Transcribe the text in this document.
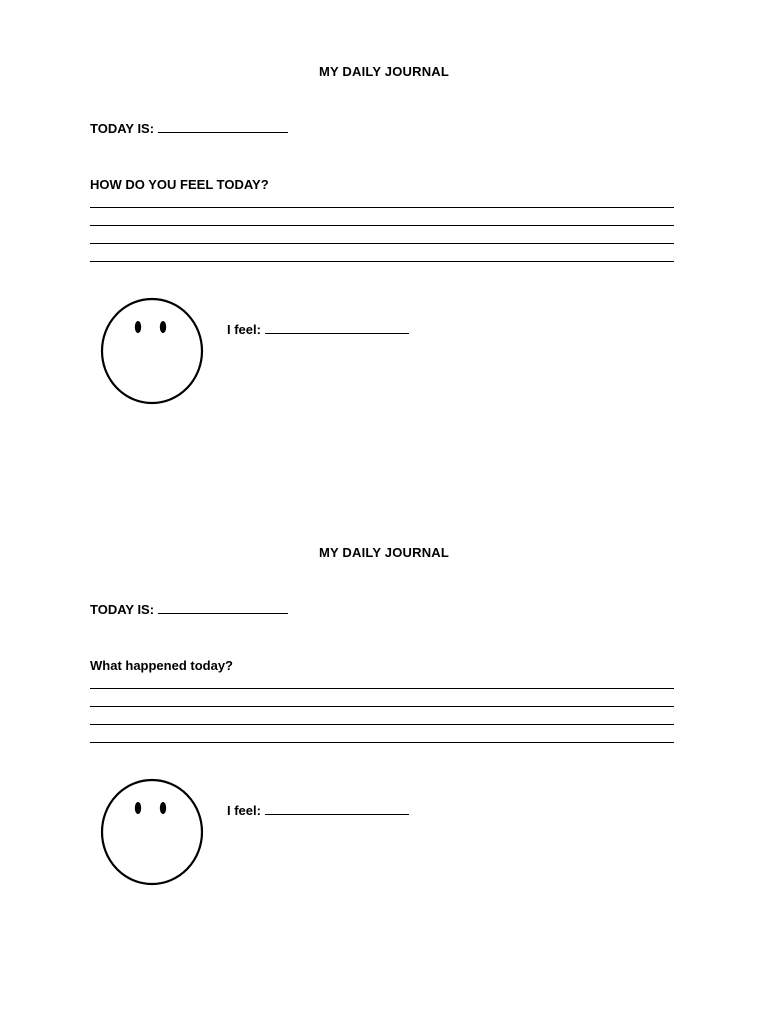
MY DAILY JOURNAL
TODAY IS:
HOW DO YOU FEEL TODAY?
I feel:
MY DAILY JOURNAL
TODAY IS:
What happened today?
I feel:
